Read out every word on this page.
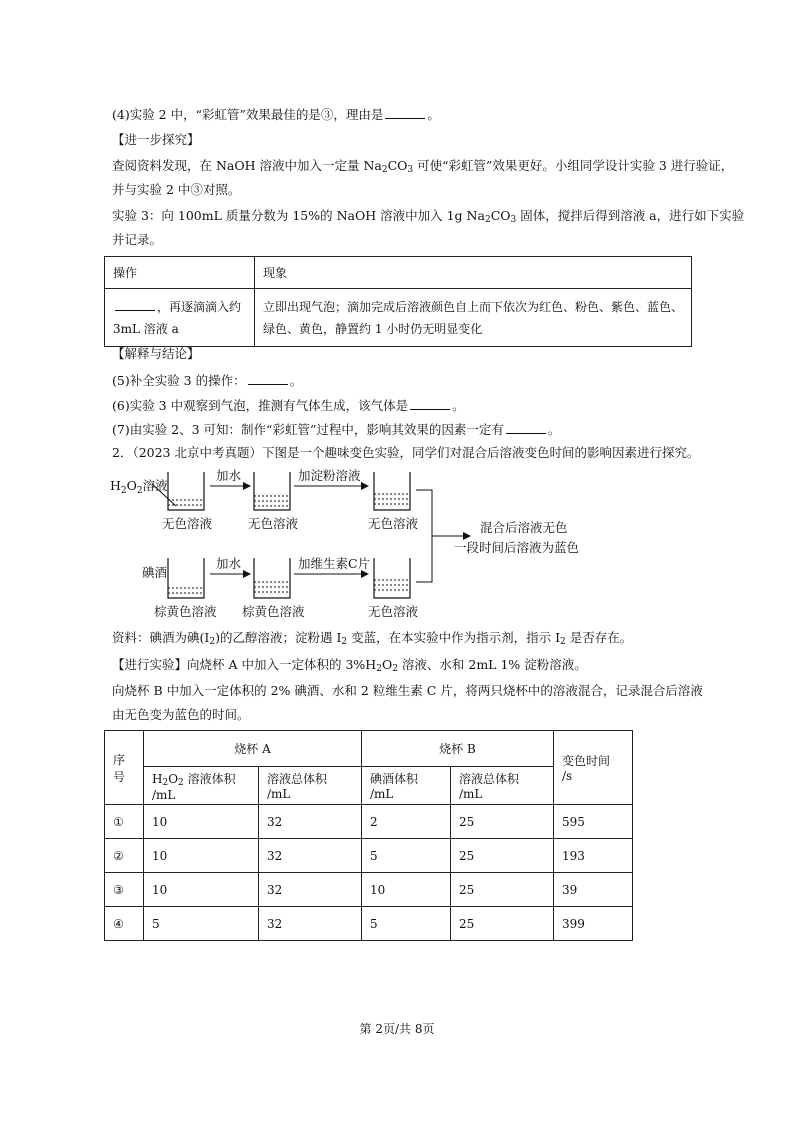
(4)实验 2 中，“彩虹管”效果最佳的是③，理由是	。
【进一步探究】
查阅资料发现，在 NaOH 溶液中加入一定量 $Na_2CO_3$ 可使“彩虹管”效果更好。小组同学设计实验 3 进行验证，
并与实验 2 中③对照。
实验 3：向 100mL 质量分数为 15%的 NaOH 溶液中加入 1g $Na_2CO_3$ 固体，搅拌后得到溶液 a，进行如下实验
并记录。
操作	现象
，再逐滴滴入约
3mL 溶液 a	立即出现气泡；滴加完成后溶液颜色自上而下依次为红色、粉色、紫色、蓝色、
绿色、黄色，静置约 1 小时仍无明显变化
【解释与结论】
(5)补全实验 3 的操作：	。
(6)实验 3 中观察到气泡，推测有气体生成，该气体是	。
(7)由实验 2、3 可知：制作“彩虹管”过程中，影响其效果的因素一定有	。
2．（2023 北京中考真题）下图是一个趣味变色实验，同学们对混合后溶液变色时间的影响因素进行探究。
$H_2O_2$溶液
无色溶液
加水
无色溶液
加淀粉溶液
无色溶液
碘酒
棕黄色溶液
加水
棕黄色溶液
加维生素C片
无色溶液
混合后溶液无色
一段时间后溶液为蓝色
资料：碘酒为碘$(I_2)$的乙醇溶液；淀粉遇 $I_2$ 变蓝，在本实验中作为指示剂，指示 $I_2$ 是否存在。
【进行实验】向烧杯 A 中加入一定体积的 $3\%H_2O_2$ 溶液、水和 2mL 1% 淀粉溶液。
向烧杯 B 中加入一定体积的 2% 碘酒、水和 2 粒维生素 C 片，将两只烧杯中的溶液混合，记录混合后溶液
由无色变为蓝色的时间。
序号	烧杯 A		烧杯 B		变色时间 /s
	$H_2O_2$ 溶液体积 /mL	溶液总体积 /mL	碘酒体积 /mL	溶液总体积 /mL	
①	10	32	2	25	595
②	10	32	5	25	193
③	10	32	10	25	39
④	5	32	5	25	399
第 2页/共 8页
